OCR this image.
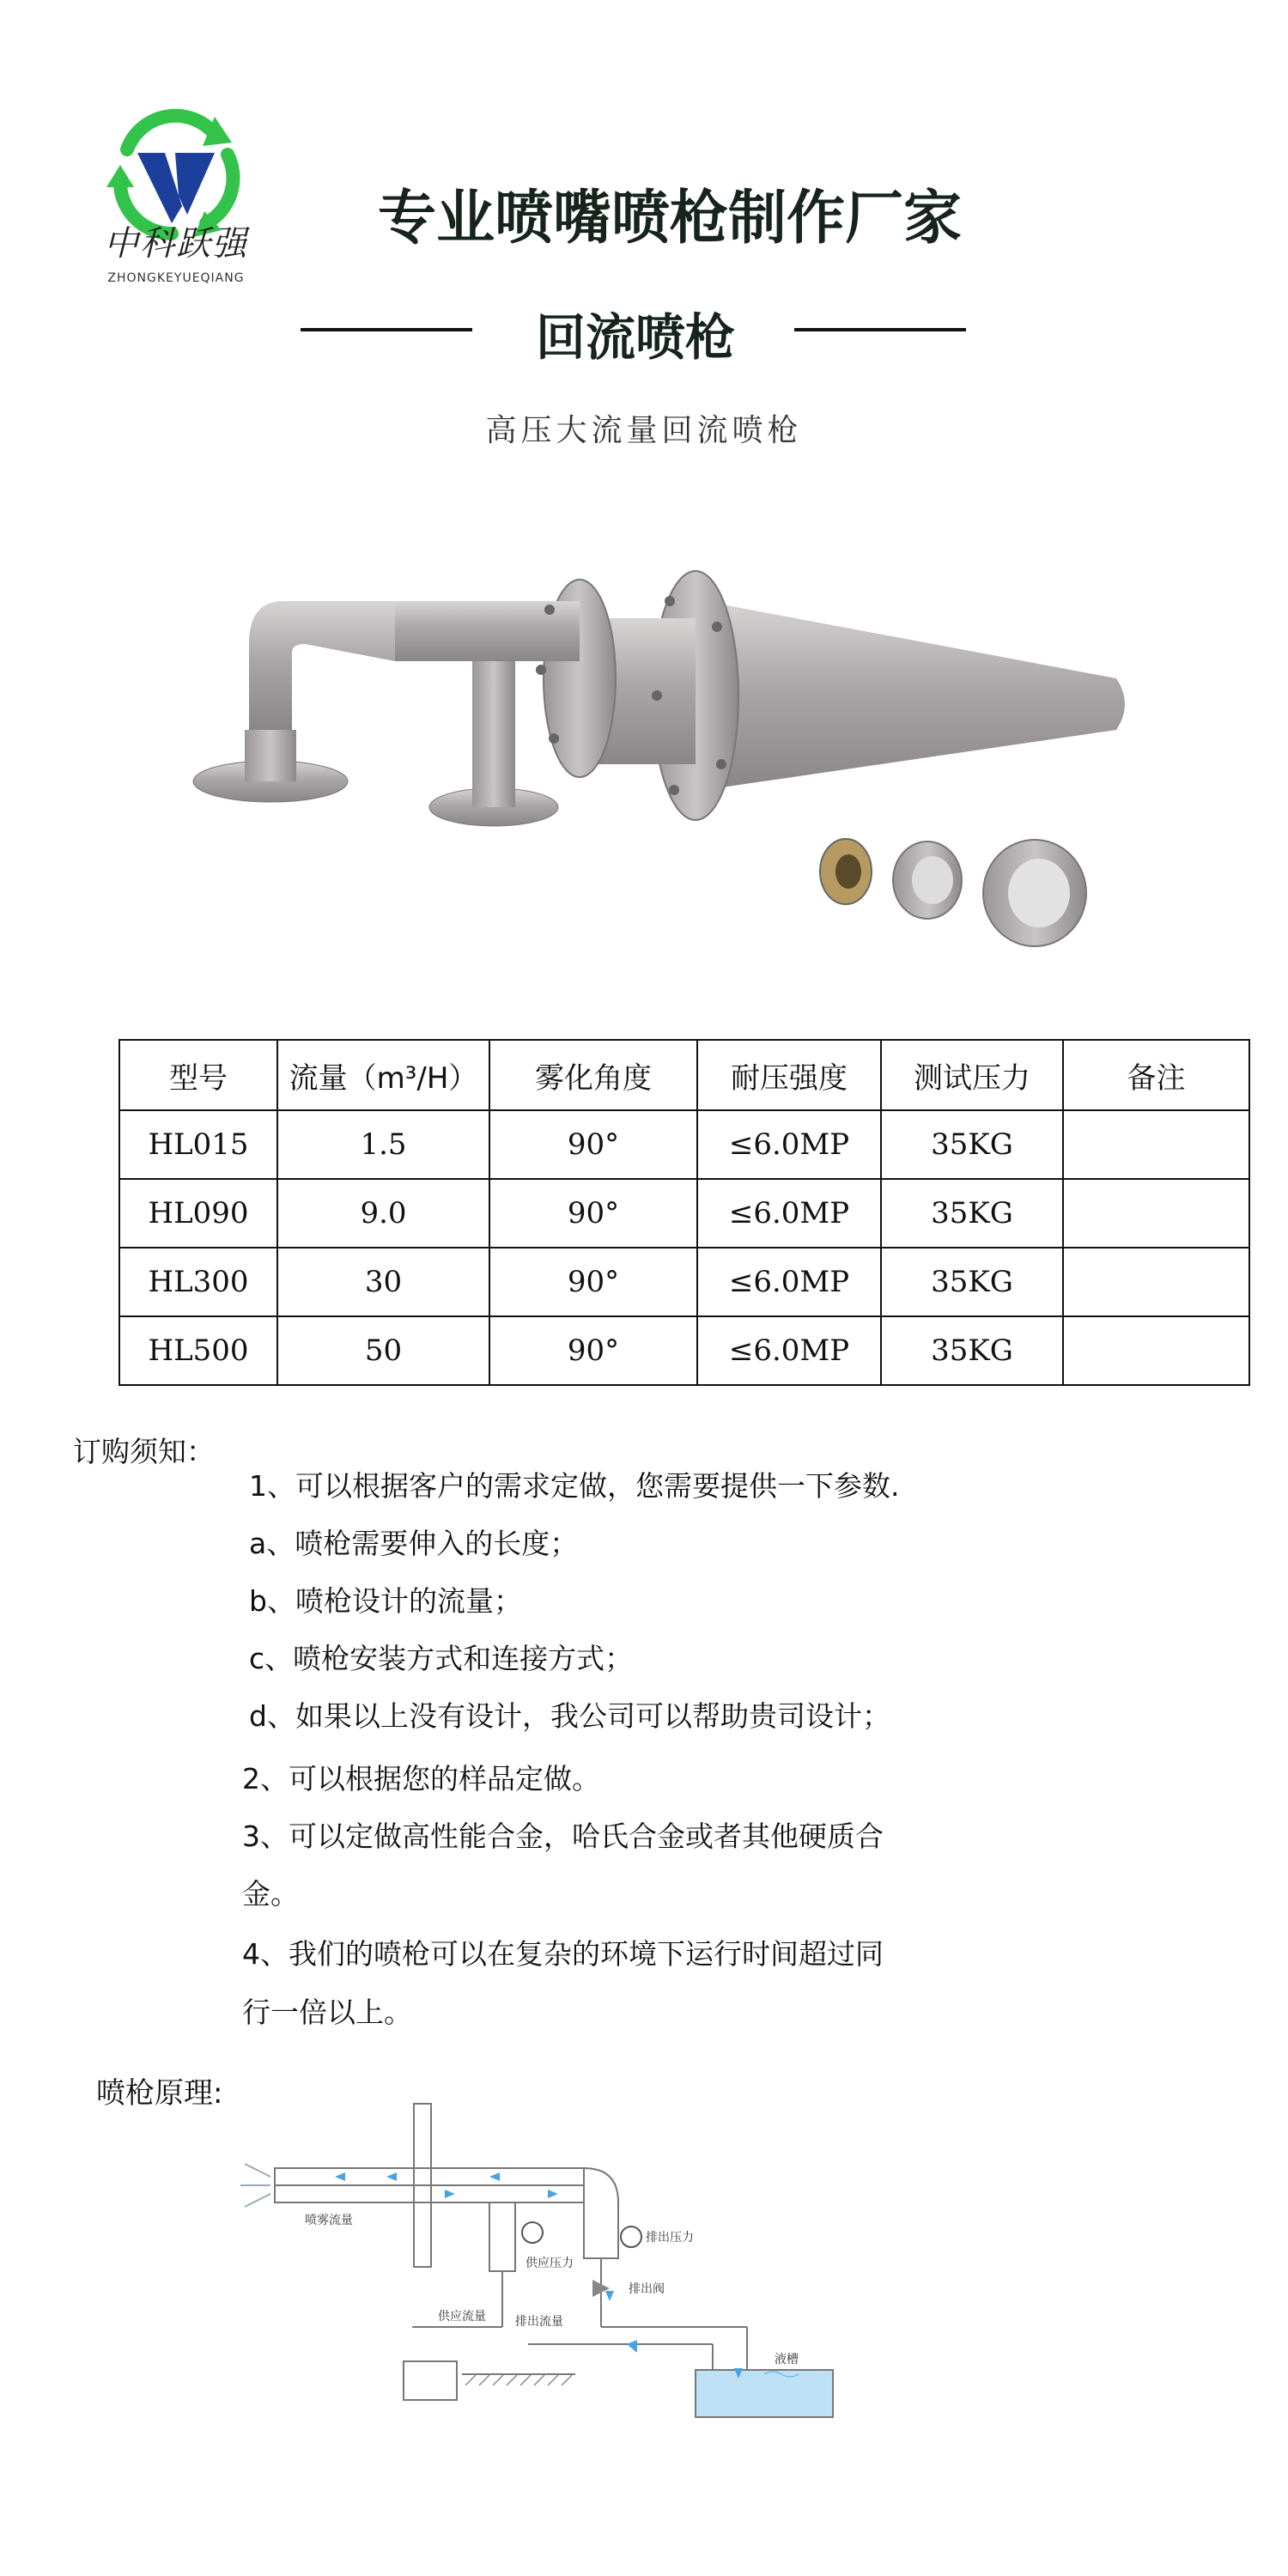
中科跃强
ZHONGKEYUEQIANG
专业喷嘴喷枪制作厂家
回流喷枪
高压大流量回流喷枪
型号	流量（m³/H）	雾化角度	耐压强度	测试压力	备注
HL015	1.5	90°	≤6.0MP	35KG	
HL090	9.0	90°	≤6.0MP	35KG	
HL300	30	90°	≤6.0MP	35KG	
HL500	50	90°	≤6.0MP	35KG	
订购须知：
1、可以根据客户的需求定做，您需要提供一下参数.
a、喷枪需要伸入的长度；
b、喷枪设计的流量；
c、喷枪安装方式和连接方式；
d、如果以上没有设计，我公司可以帮助贵司设计；
2、可以根据您的样品定做。
3、可以定做高性能合金，哈氏合金或者其他硬质合
金。
4、我们的喷枪可以在复杂的环境下运行时间超过同
行一倍以上。
喷枪原理:
喷雾流量
排出压力
供应压力
排出阀
供应流量 排出流量
液槽
